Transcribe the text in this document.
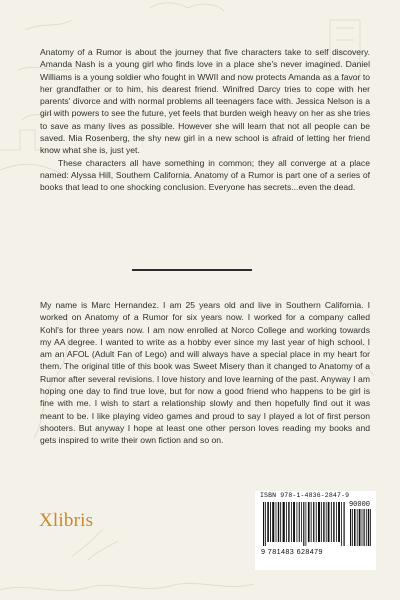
Anatomy of a Rumor is about the journey that five characters take to self discovery. Amanda Nash is a young girl who finds love in a place she's never imagined. Daniel Williams is a young soldier who fought in WWII and now protects Amanda as a favor to her grandfather or to him, his dearest friend. Winifred Darcy tries to cope with her parents' divorce and with normal problems all teenagers face with. Jessica Nelson is a girl with powers to see the future, yet feels that burden weigh heavy on her as she tries to save as many lives as possible. However she will learn that not all people can be saved. Mia Rosenberg, the shy new girl in a new school is afraid of letting her friend know what she is, just yet.

These characters all have something in common; they all converge at a place named: Alyssa Hill, Southern California. Anatomy of a Rumor is part one of a series of books that lead to one shocking conclusion. Everyone has secrets...even the dead.

My name is Marc Hernandez. I am 25 years old and live in Southern California. I worked on Anatomy of a Rumor for six years now. I worked for a company called Kohl's for three years now. I am now enrolled at Norco College and working towards my AA degree. I wanted to write as a hobby ever since my last year of high school. I am an AFOL (Adult Fan of Lego) and will always have a special place in my heart for them. The original title of this book was Sweet Misery than it changed to Anatomy of a Rumor after several revisions. I love history and love learning of the past. Anyway I am hoping one day to find true love, but for now a good friend who happens to be girl is fine with me. I wish to start a relationship slowly and then hopefully find out it was meant to be. I like playing video games and proud to say I played a lot of first person shooters. But anyway I hope at least one other person loves reading my books and gets inspired to write their own fiction and so on.

Xlibris
ISBN 978-1-4836-2847-9
90000
9 781483 628479
